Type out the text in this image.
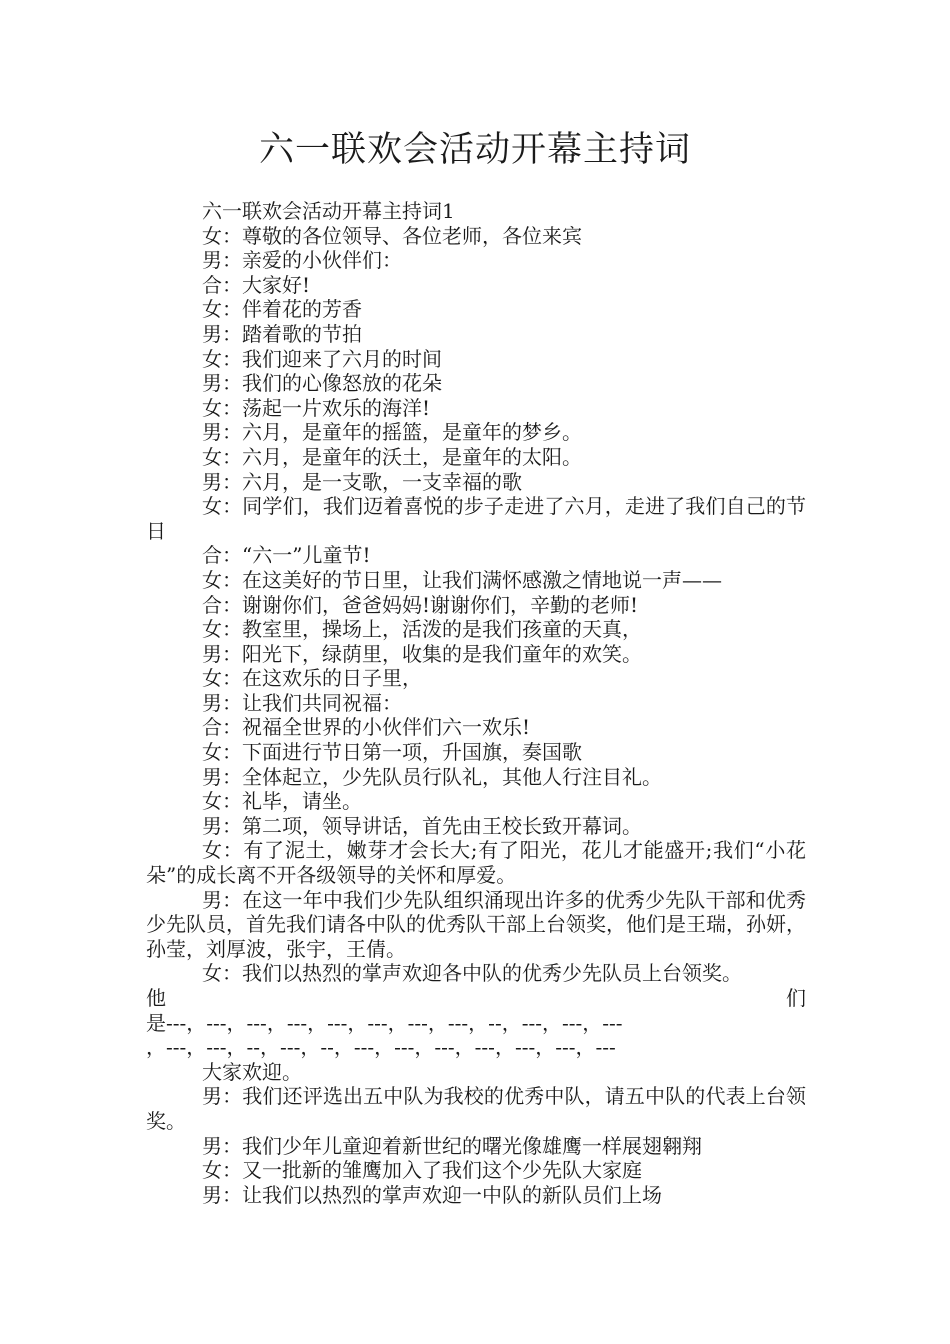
六一联欢会活动开幕主持词

六一联欢会活动开幕主持词1

女：尊敬的各位领导、各位老师，各位来宾

男：亲爱的小伙伴们：

合：大家好!

女：伴着花的芳香

男：踏着歌的节拍

女：我们迎来了六月的时间

男：我们的心像怒放的花朵

女：荡起一片欢乐的海洋!

男：六月，是童年的摇篮，是童年的梦乡。

女：六月，是童年的沃土，是童年的太阳。

男：六月，是一支歌，一支幸福的歌

女：同学们，我们迈着喜悦的步子走进了六月，走进了我们自己的节日

合：“六一”儿童节!

女：在这美好的节日里，让我们满怀感激之情地说一声——

合：谢谢你们，爸爸妈妈!谢谢你们，辛勤的老师!

女：教室里，操场上，活泼的是我们孩童的天真，

男：阳光下，绿荫里，收集的是我们童年的欢笑。

女：在这欢乐的日子里，

男：让我们共同祝福：

合：祝福全世界的小伙伴们六一欢乐!

女：下面进行节日第一项，升国旗，奏国歌

男：全体起立，少先队员行队礼，其他人行注目礼。

女：礼毕，请坐。

男：第二项，领导讲话，首先由王校长致开幕词。

女：有了泥土，嫩芽才会长大;有了阳光，花儿才能盛开;我们“小花朵”的成长离不开各级领导的关怀和厚爱。

男：在这一年中我们少先队组织涌现出许多的优秀少先队干部和优秀少先队员，首先我们请各中队的优秀队干部上台领奖，他们是王瑞，孙妍，孙莹，刘厚波，张宇，王倩。

女：我们以热烈的掌声欢迎各中队的优秀少先队员上台领奖。

他	们
是---，---，---，---，---，---，---，---，--，---，---，---
，---，---，--，---，--，---，---，---，---，---，---，---

大家欢迎。

男：我们还评选出五中队为我校的优秀中队，请五中队的代表上台领奖。

男：我们少年儿童迎着新世纪的曙光像雄鹰一样展翅翱翔

女：又一批新的雏鹰加入了我们这个少先队大家庭

男：让我们以热烈的掌声欢迎一中队的新队员们上场
